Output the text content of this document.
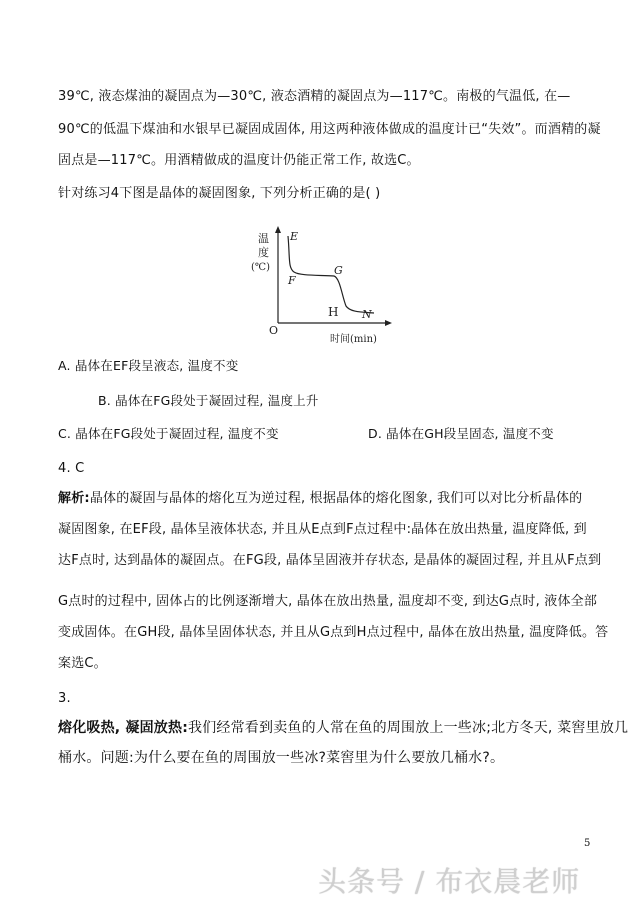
39℃, 液态煤油的凝固点为—30℃, 液态酒精的凝固点为—117℃。南极的气温低, 在—
90℃的低温下煤油和水银早已凝固成固体, 用这两种液体做成的温度计已“失效”。而酒精的凝
固点是—117℃。用酒精做成的温度计仍能正常工作, 故选C。
针对练习4下图是晶体的凝固图象, 下列分析正确的是( )
温
度
(℃)
O
时间(min)
E
F
G
H N
A. 晶体在EF段呈液态, 温度不变
B. 晶体在FG段处于凝固过程, 温度上升
C. 晶体在FG段处于凝固过程, 温度不变	D. 晶体在GH段呈固态, 温度不变
4. C
解析:晶体的凝固与晶体的熔化互为逆过程, 根据晶体的熔化图象, 我们可以对比分析晶体的
凝固图象, 在EF段, 晶体呈液体状态, 并且从E点到F点过程中:晶体在放出热量, 温度降低, 到
达F点时, 达到晶体的凝固点。在FG段, 晶体呈固液并存状态, 是晶体的凝固过程, 并且从F点到
G点时的过程中, 固体占的比例逐渐增大, 晶体在放出热量, 温度却不变, 到达G点时, 液体全部
变成固体。在GH段, 晶体呈固体状态, 并且从G点到H点过程中, 晶体在放出热量, 温度降低。答
案选C。
3.
熔化吸热, 凝固放热:我们经常看到卖鱼的人常在鱼的周围放上一些冰;北方冬天, 菜窖里放几
桶水。问题:为什么要在鱼的周围放一些冰?菜窖里为什么要放几桶水?。
5
头条号 / 布衣晨老师
